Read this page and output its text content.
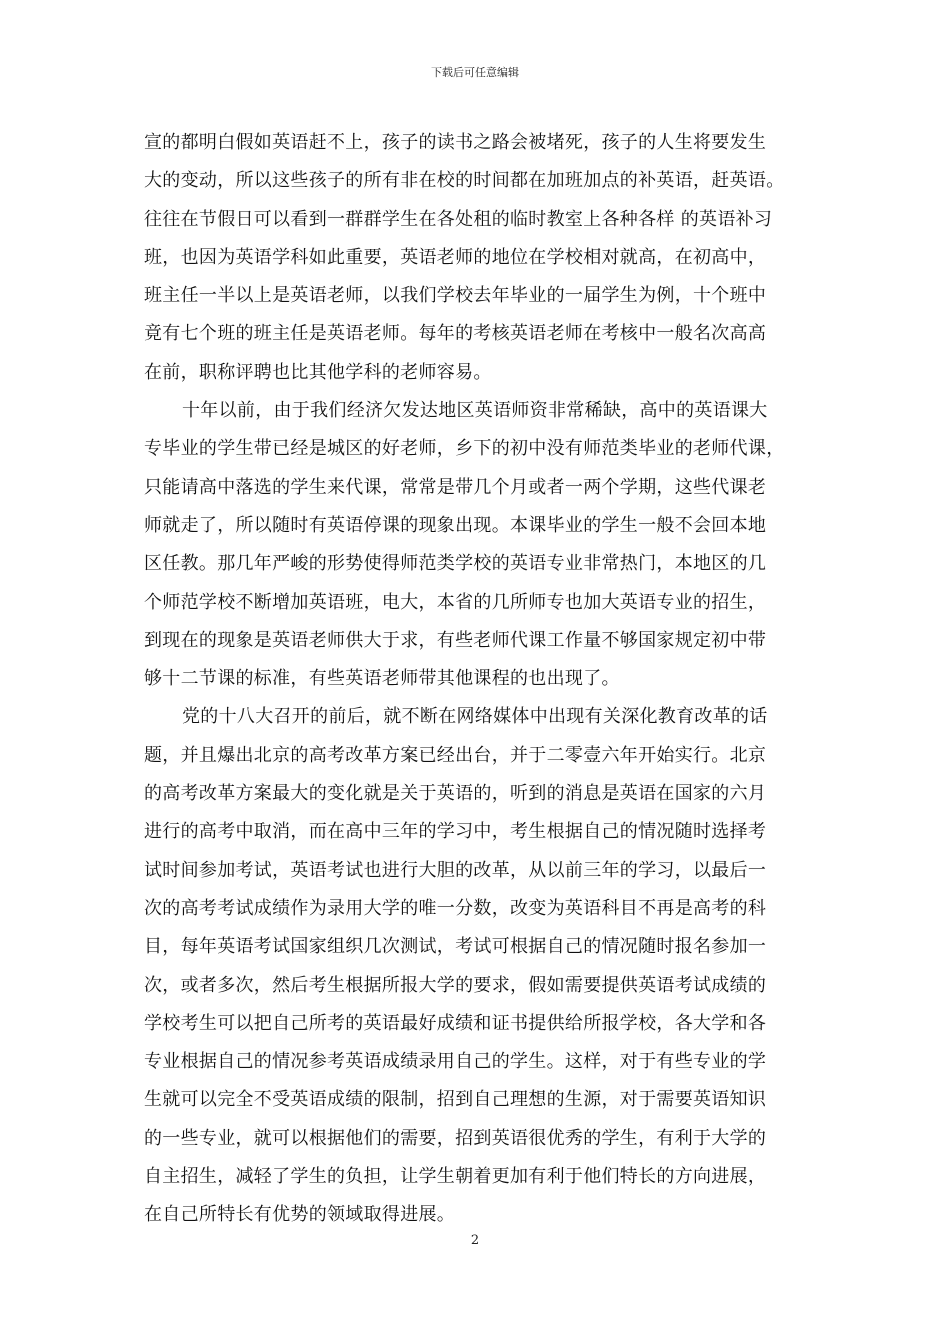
下载后可任意编辑
宣的都明白假如英语赶不上，孩子的读书之路会被堵死，孩子的人生将要发生
大的变动，所以这些孩子的所有非在校的时间都在加班加点的补英语，赶英语。
往往在节假日可以看到一群群学生在各处租的临时教室上各种各样 的英语补习
班，也因为英语学科如此重要，英语老师的地位在学校相对就高，在初高中，
班主任一半以上是英语老师，以我们学校去年毕业的一届学生为例，十个班中
竟有七个班的班主任是英语老师。每年的考核英语老师在考核中一般名次高高
在前，职称评聘也比其他学科的老师容易。
十年以前，由于我们经济欠发达地区英语师资非常稀缺，高中的英语课大
专毕业的学生带已经是城区的好老师，乡下的初中没有师范类毕业的老师代课，
只能请高中落选的学生来代课，常常是带几个月或者一两个学期，这些代课老
师就走了，所以随时有英语停课的现象出现。本课毕业的学生一般不会回本地
区任教。那几年严峻的形势使得师范类学校的英语专业非常热门，本地区的几
个师范学校不断增加英语班，电大，本省的几所师专也加大英语专业的招生，
到现在的现象是英语老师供大于求，有些老师代课工作量不够国家规定初中带
够十二节课的标准，有些英语老师带其他课程的也出现了。
党的十八大召开的前后，就不断在网络媒体中出现有关深化教育改革的话
题，并且爆出北京的高考改革方案已经出台，并于二零壹六年开始实行。北京
的高考改革方案最大的变化就是关于英语的，听到的消息是英语在国家的六月
进行的高考中取消，而在高中三年的学习中，考生根据自己的情况随时选择考
试时间参加考试，英语考试也进行大胆的改革，从以前三年的学习，以最后一
次的高考考试成绩作为录用大学的唯一分数，改变为英语科目不再是高考的科
目，每年英语考试国家组织几次测试，考试可根据自己的情况随时报名参加一
次，或者多次，然后考生根据所报大学的要求，假如需要提供英语考试成绩的
学校考生可以把自己所考的英语最好成绩和证书提供给所报学校，各大学和各
专业根据自己的情况参考英语成绩录用自己的学生。这样，对于有些专业的学
生就可以完全不受英语成绩的限制，招到自己理想的生源，对于需要英语知识
的一些专业，就可以根据他们的需要，招到英语很优秀的学生，有利于大学的
自主招生，减轻了学生的负担，让学生朝着更加有利于他们特长的方向进展，
在自己所特长有优势的领域取得进展。
2
